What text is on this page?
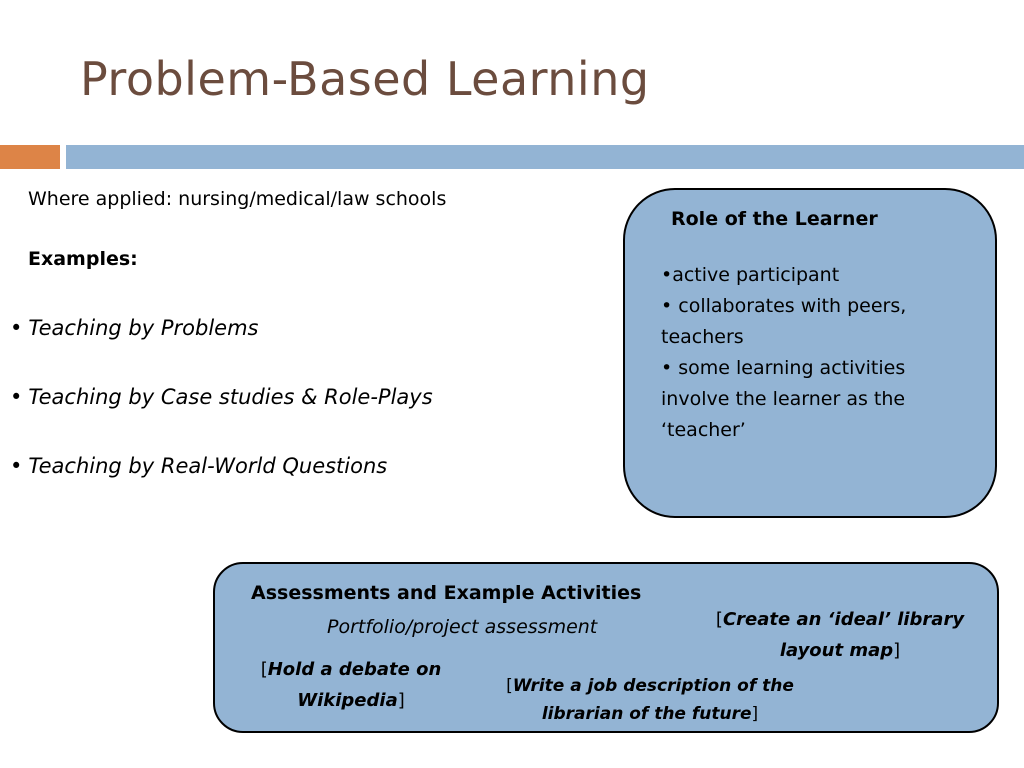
Problem-Based Learning
Where applied: nursing/medical/law schools
Examples:
• Teaching by Problems
• Teaching by Case studies & Role-Plays
• Teaching by Real-World Questions
Role of the Learner
•active participant
• collaborates with peers, teachers
• some learning activities involve the learner as the ‘teacher’
Assessments and Example Activities
Portfolio/project assessment	[Create an ‘ideal’ library layout map]
[Hold a debate on Wikipedia]
[Write a job description of the librarian of the future]
